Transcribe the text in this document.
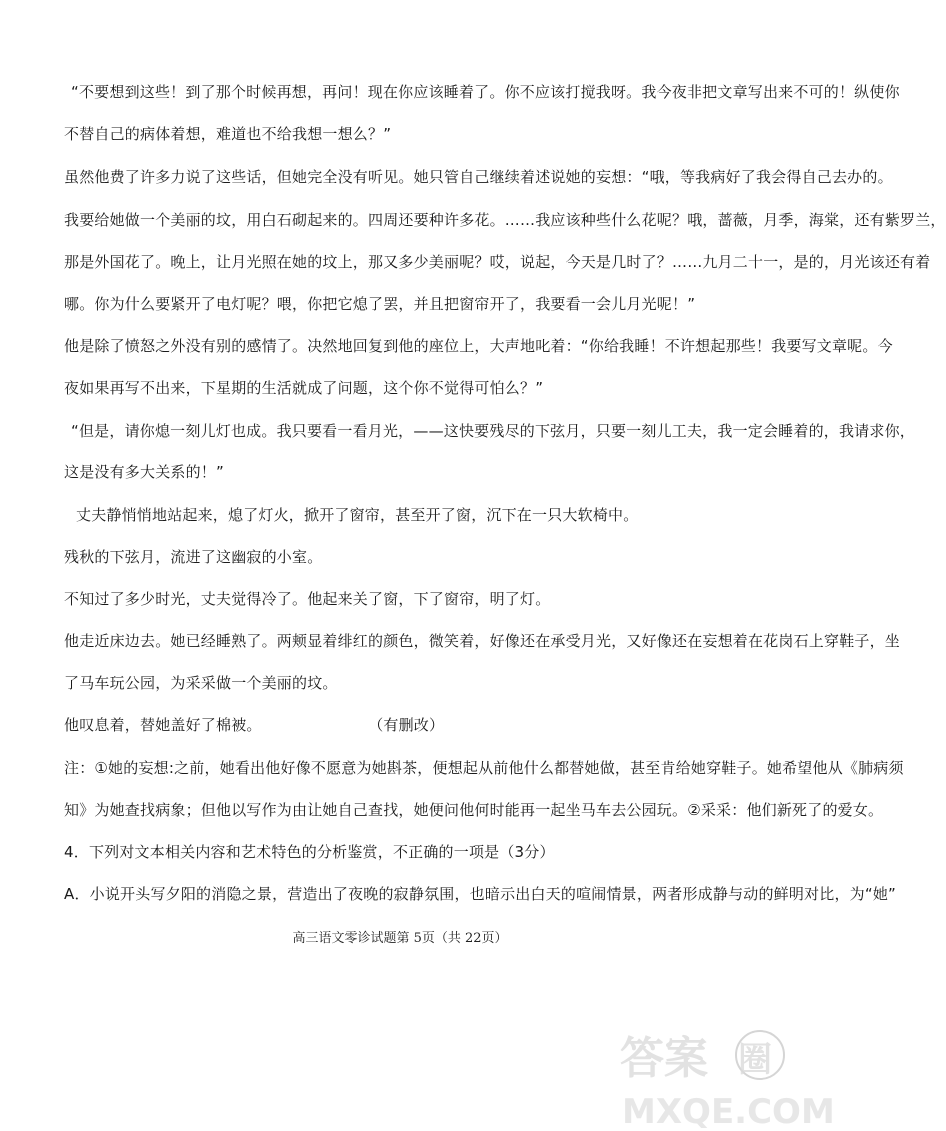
“不要想到这些！到了那个时候再想，再问！现在你应该睡着了。你不应该打搅我呀。我今夜非把文章写出来不可的！纵使你
不替自己的病体着想，难道也不给我想一想么？”
虽然他费了许多力说了这些话，但她完全没有听见。她只管自己继续着述说她的妄想：“哦，等我病好了我会得自己去办的。
我要给她做一个美丽的坟，用白石砌起来的。四周还要种许多花。……我应该种些什么花呢？哦，蔷薇，月季，海棠，还有紫罗兰，
那是外国花了。晚上，让月光照在她的坟上，那又多少美丽呢？哎，说起，今天是几时了？……九月二十一，是的，月光该还有着
哪。你为什么要紧开了电灯呢？喂，你把它熄了罢，并且把窗帘开了，我要看一会儿月光呢！”
他是除了愤怒之外没有别的感情了。决然地回复到他的座位上，大声地叱着：“你给我睡！不许想起那些！我要写文章呢。今
夜如果再写不出来，下星期的生活就成了问题，这个你不觉得可怕么？”
“但是，请你熄一刻儿灯也成。我只要看一看月光，——这快要残尽的下弦月，只要一刻儿工夫，我一定会睡着的，我请求你，
这是没有多大关系的！”
丈夫静悄悄地站起来，熄了灯火，掀开了窗帘，甚至开了窗，沉下在一只大软椅中。
残秋的下弦月，流进了这幽寂的小室。
不知过了多少时光，丈夫觉得冷了。他起来关了窗，下了窗帘，明了灯。
他走近床边去。她已经睡熟了。两颊显着绯红的颜色，微笑着，好像还在承受月光，又好像还在妄想着在花岗石上穿鞋子，坐
了马车玩公园，为采采做一个美丽的坟。
他叹息着，替她盖好了棉被。　　　　　　　　（有删改）
注：①她的妄想:之前，她看出他好像不愿意为她斟茶，便想起从前他什么都替她做，甚至肯给她穿鞋子。她希望他从《肺病须
知》为她查找病象；但他以写作为由让她自己查找，她便问他何时能再一起坐马车去公园玩。②采采：他们新死了的爱女。
4．下列对文本相关内容和艺术特色的分析鉴赏，不正确的一项是（3分）
A．小说开头写夕阳的消隐之景，营造出了夜晚的寂静氛围，也暗示出白天的喧闹情景，两者形成静与动的鲜明对比，为“她”
高三语文零诊试题第 5页（共 22页）
答案 圈
MXQE.COM
